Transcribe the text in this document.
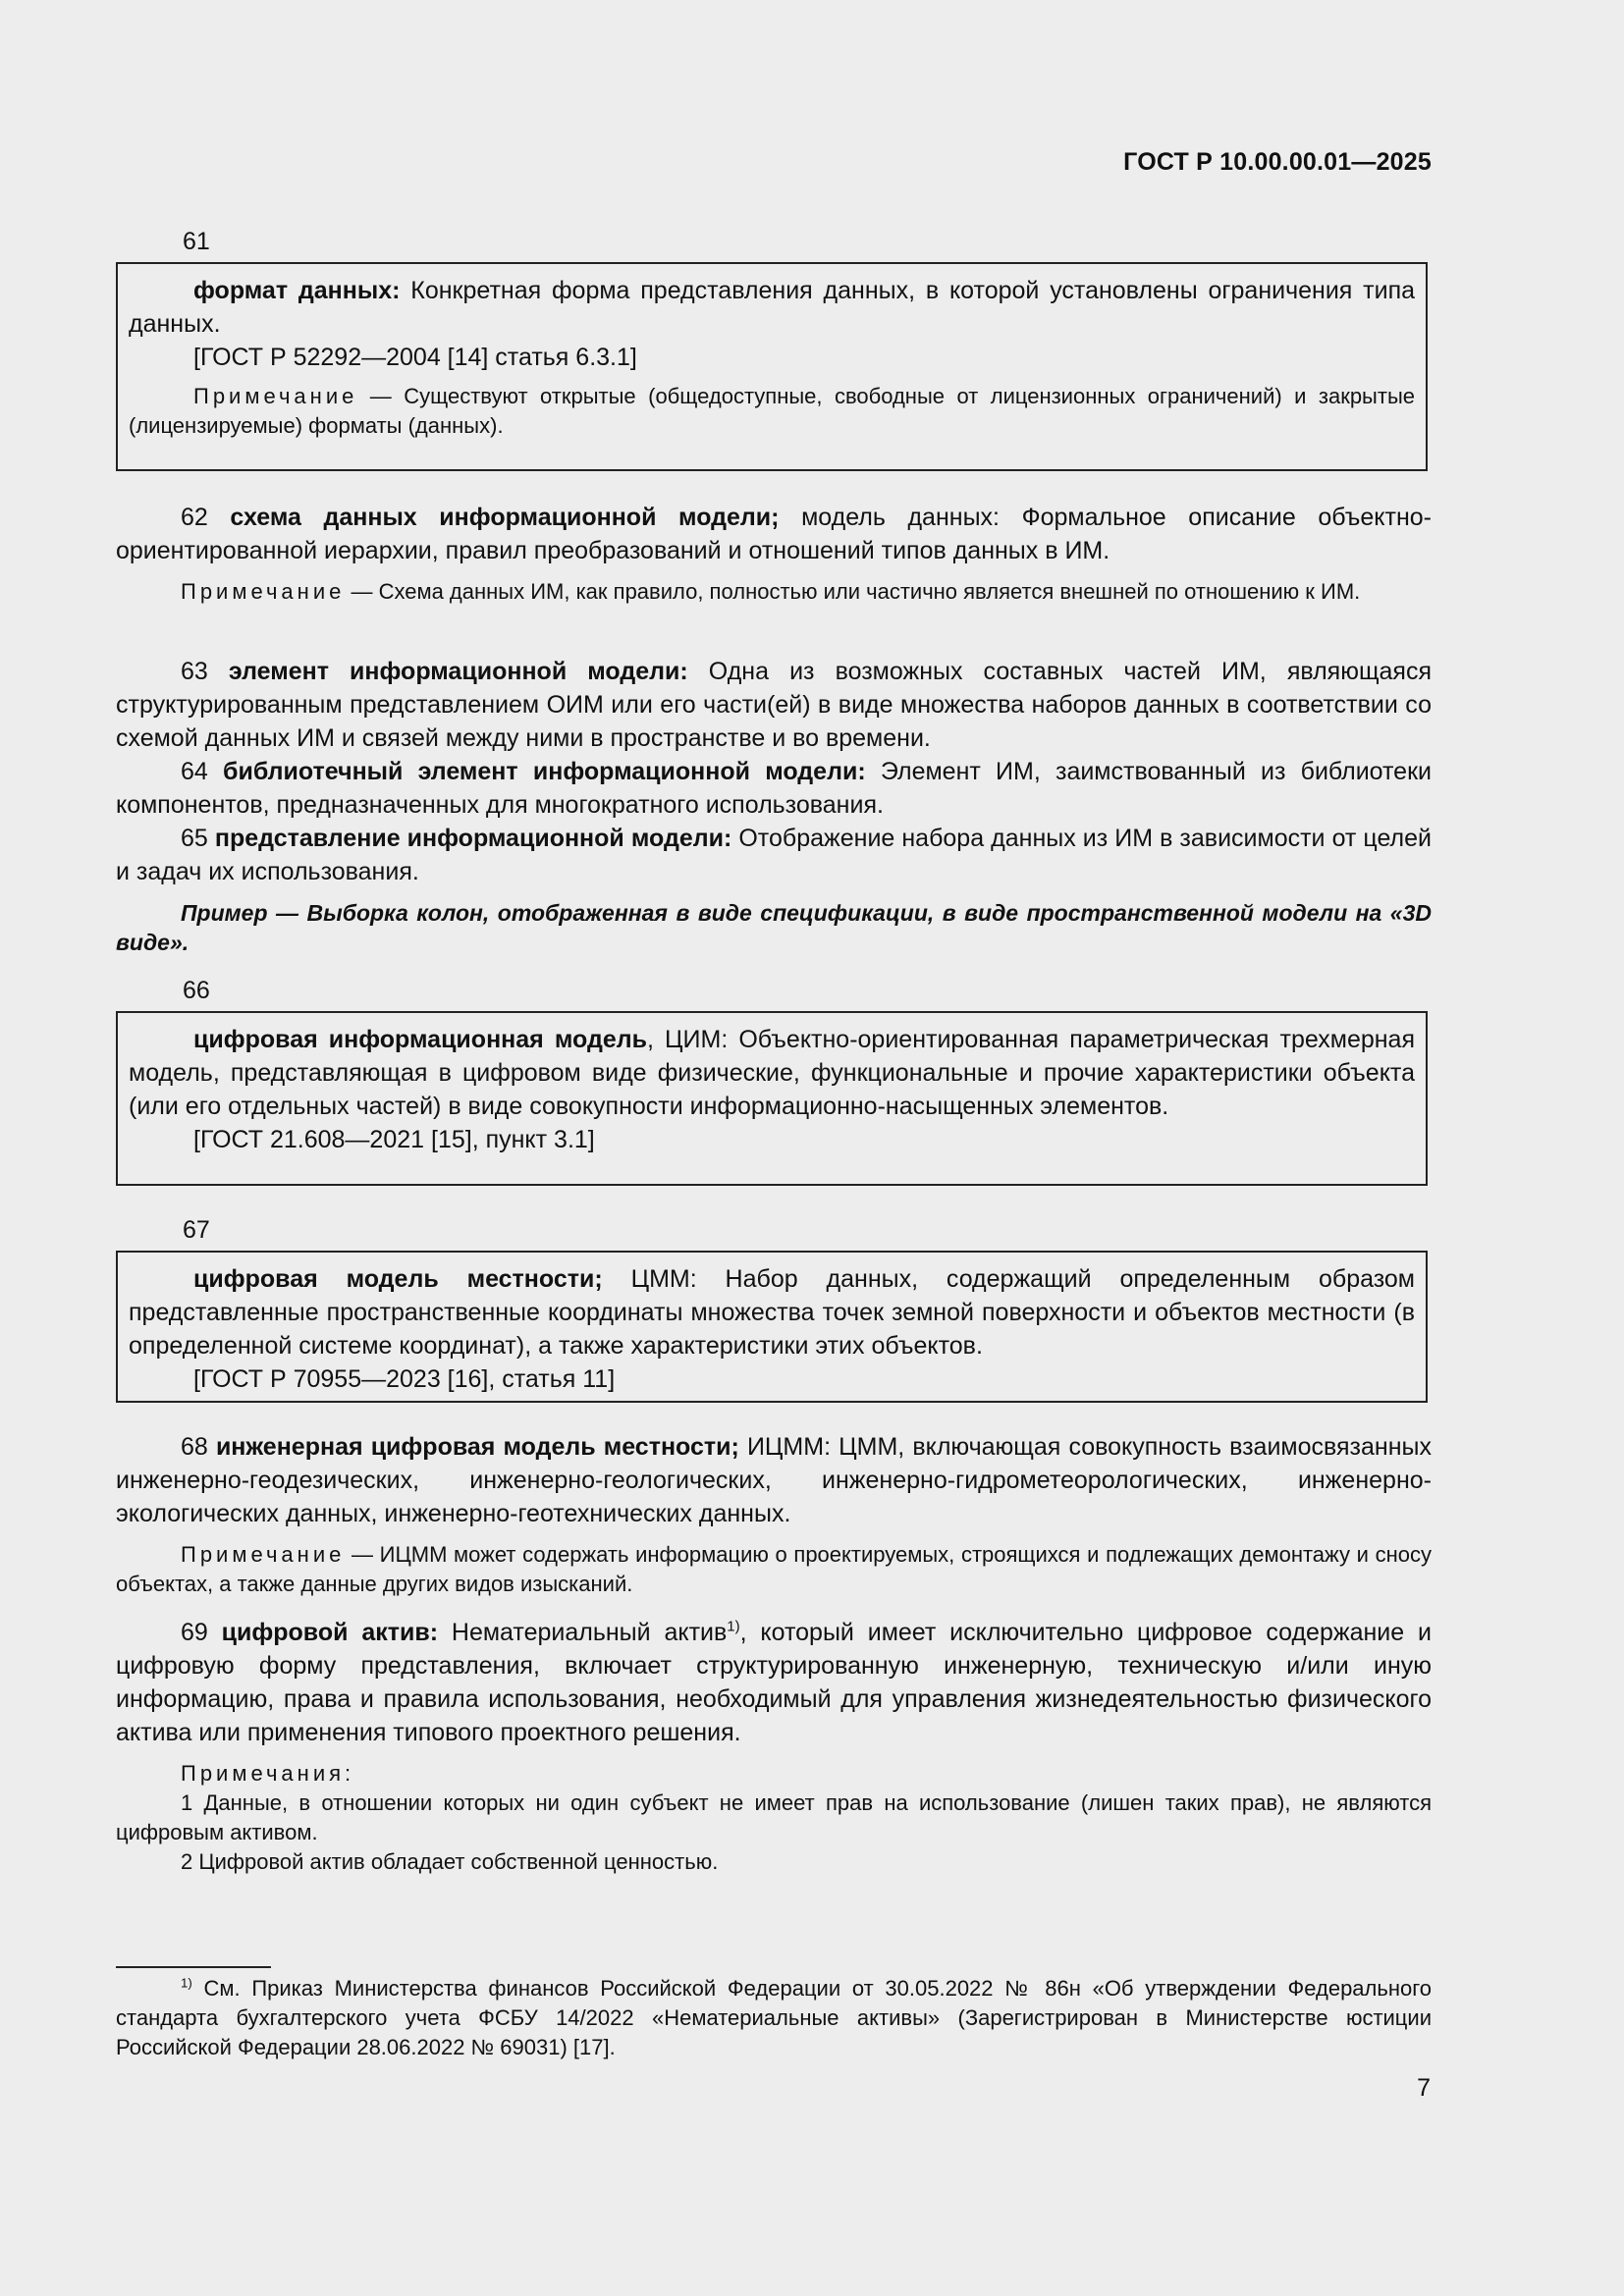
ГОСТ Р 10.00.00.01—2025
61

формат данных: Конкретная форма представления данных, в которой установлены ограничения типа данных.

[ГОСТ Р 52292—2004 [14] статья 6.3.1]

Примечание — Существуют открытые (общедоступные, свободные от лицензионных ограничений) и закрытые (лицензируемые) форматы (данных).

62 схема данных информационной модели; модель данных: Формальное описание объектно-ориентированной иерархии, правил преобразований и отношений типов данных в ИМ.

Примечание — Схема данных ИМ, как правило, полностью или частично является внешней по отношению к ИМ.

63 элемент информационной модели: Одна из возможных составных частей ИМ, являющаяся структурированным представлением ОИМ или его части(ей) в виде множества наборов данных в соответствии со схемой данных ИМ и связей между ними в пространстве и во времени.

64 библиотечный элемент информационной модели: Элемент ИМ, заимствованный из библиотеки компонентов, предназначенных для многократного использования.

65 представление информационной модели: Отображение набора данных из ИМ в зависимости от целей и задач их использования.

Пример — Выборка колон, отображенная в виде спецификации, в виде пространственной модели на «3D виде».

66

цифровая информационная модель, ЦИМ: Объектно-ориентированная параметрическая трехмерная модель, представляющая в цифровом виде физические, функциональные и прочие характеристики объекта (или его отдельных частей) в виде совокупности информационно-насыщенных элементов.

[ГОСТ 21.608—2021 [15], пункт 3.1]

67

цифровая модель местности; ЦММ: Набор данных, содержащий определенным образом представленные пространственные координаты множества точек земной поверхности и объектов местности (в определенной системе координат), а также характеристики этих объектов.

[ГОСТ Р 70955—2023 [16], статья 11]

68 инженерная цифровая модель местности; ИЦММ: ЦММ, включающая совокупность взаимосвязанных инженерно-геодезических, инженерно-геологических, инженерно-гидрометеорологических, инженерно-экологических данных, инженерно-геотехнических данных.

Примечание — ИЦММ может содержать информацию о проектируемых, строящихся и подлежащих демонтажу и сносу объектах, а также данные других видов изысканий.

69 цифровой актив: Нематериальный актив$^{1)}$, который имеет исключительно цифровое содержание и цифровую форму представления, включает структурированную инженерную, техническую и/или иную информацию, права и правила использования, необходимый для управления жизнедеятельностью физического актива или применения типового проектного решения.

Примечания:

1 Данные, в отношении которых ни один субъект не имеет прав на использование (лишен таких прав), не являются цифровым активом.

2 Цифровой актив обладает собственной ценностью.

$^{1)}$ См. Приказ Министерства финансов Российской Федерации от 30.05.2022 № 86н «Об утверждении Федерального стандарта бухгалтерского учета ФСБУ 14/2022 «Нематериальные активы» (Зарегистрирован в Министерстве юстиции Российской Федерации 28.06.2022 № 69031) [17].

7
